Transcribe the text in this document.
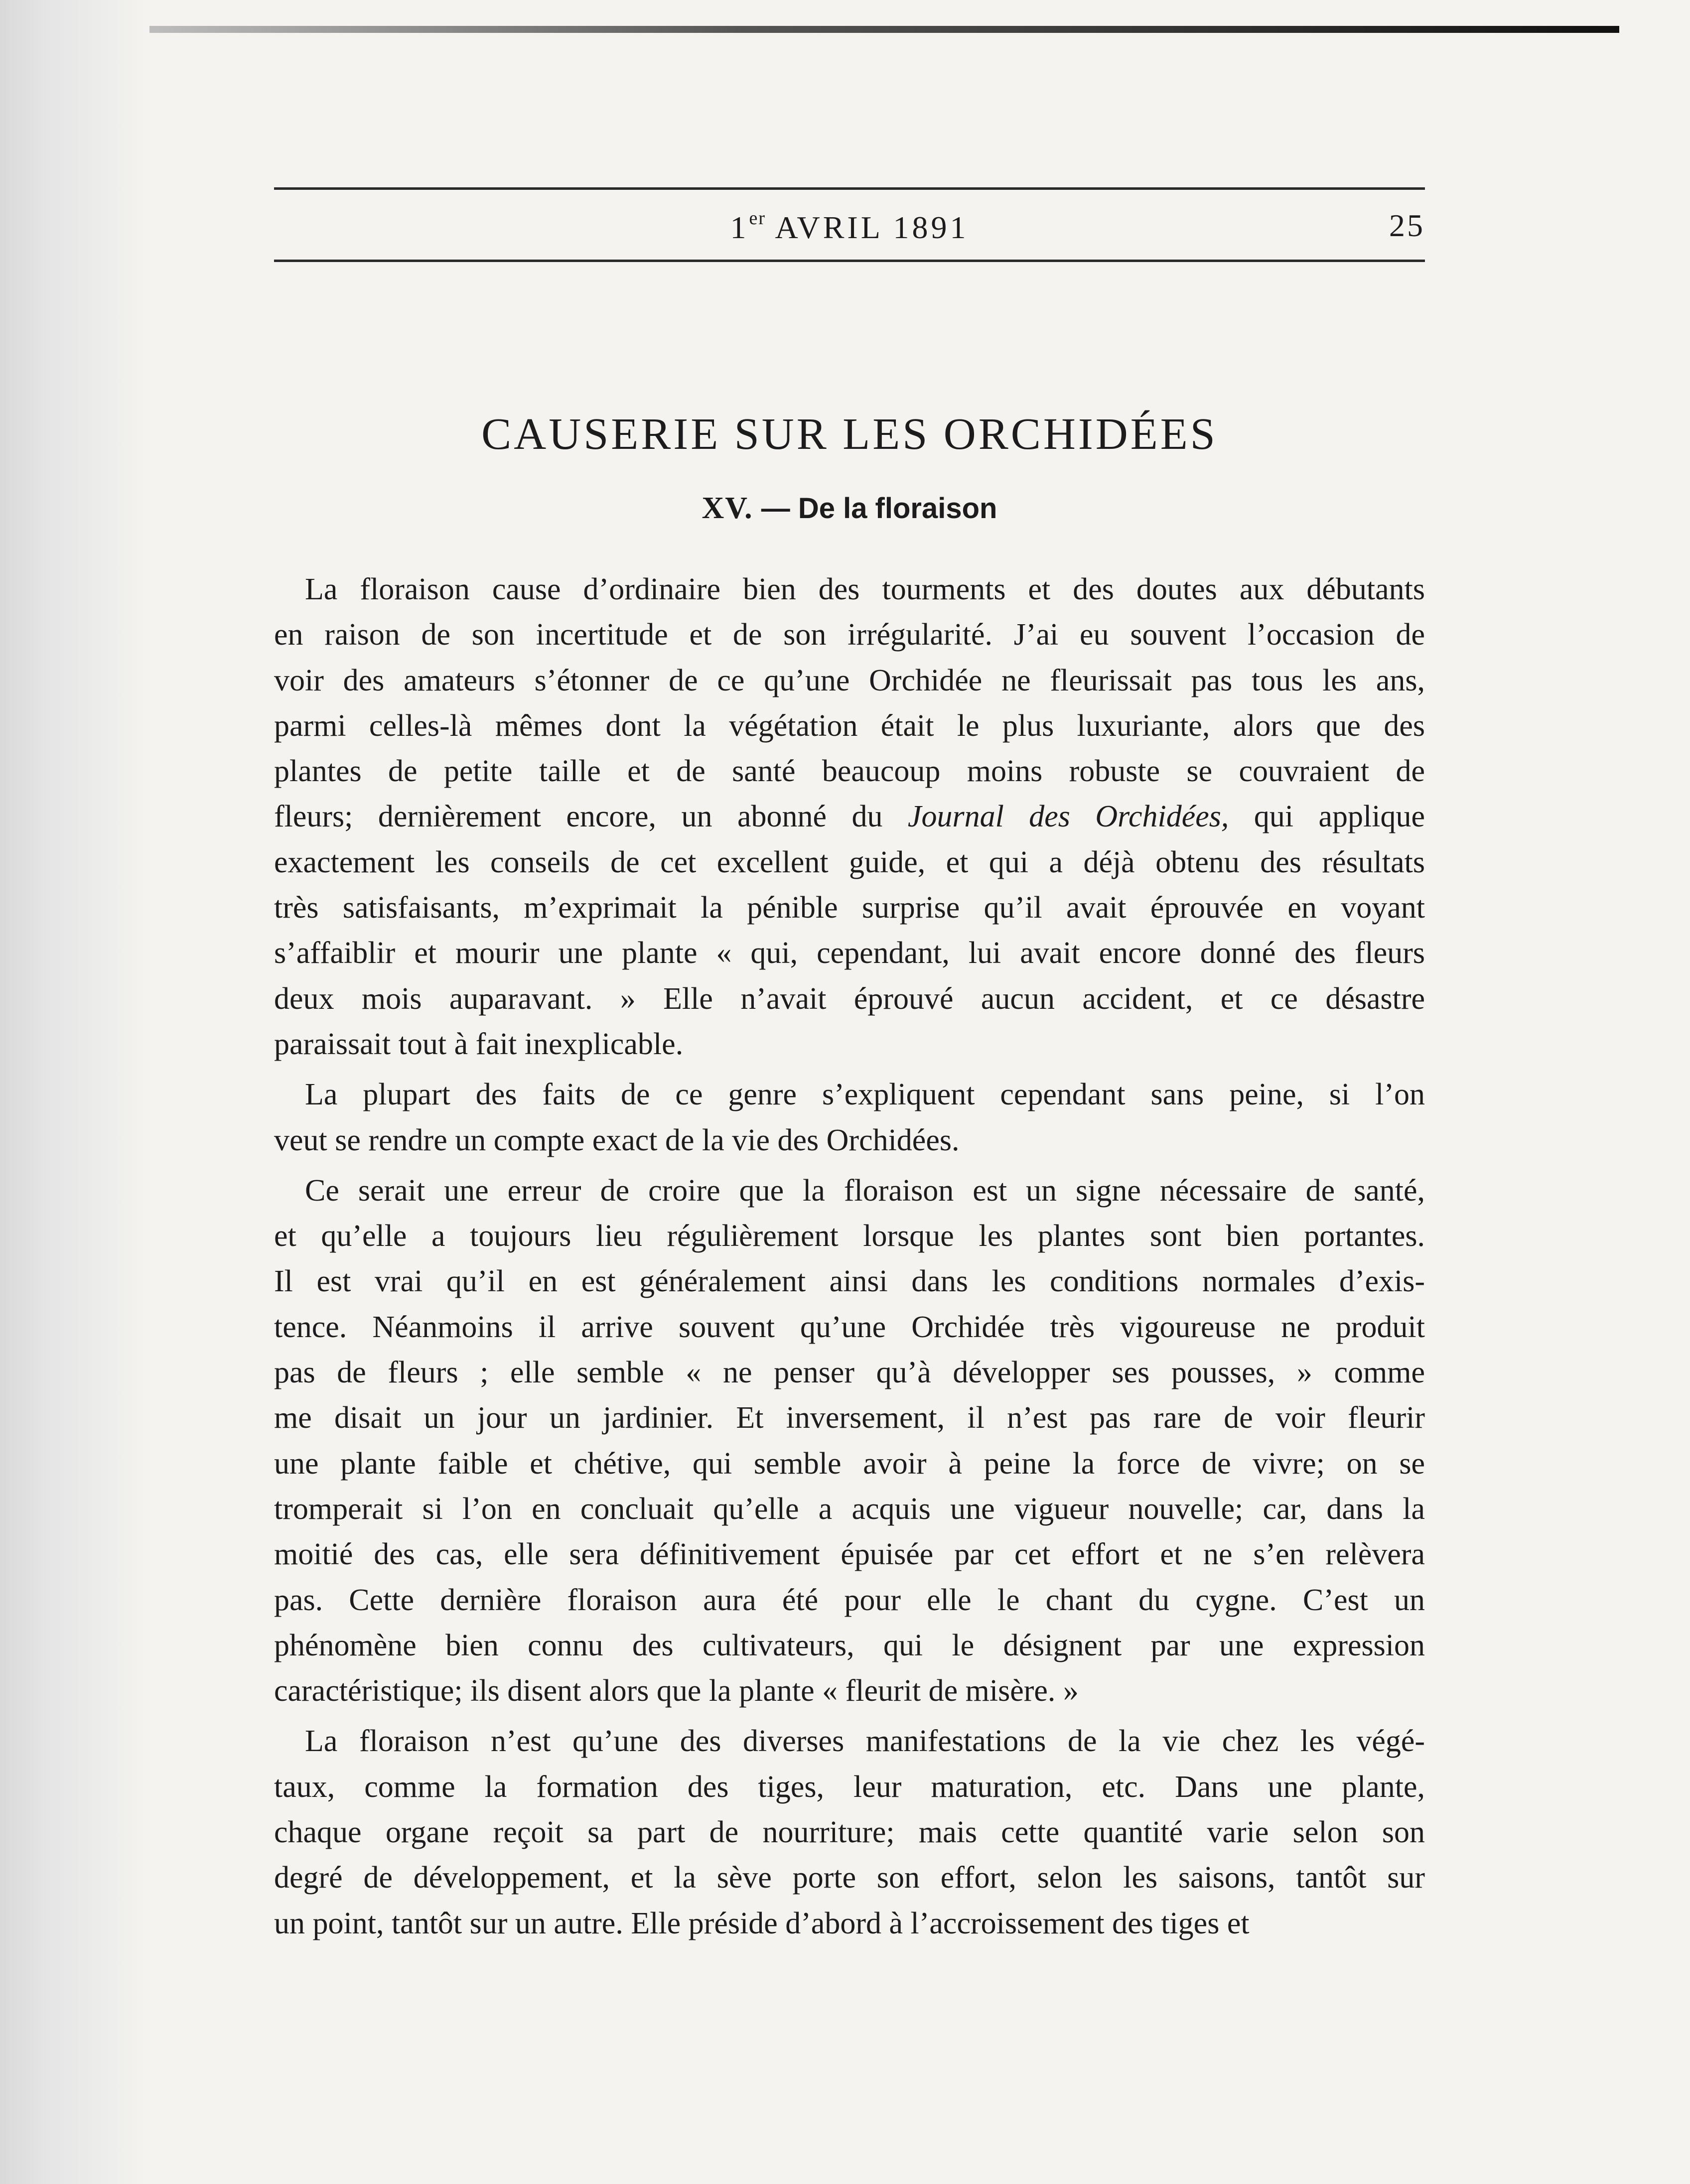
1er AVRIL 1891	25
CAUSERIE SUR LES ORCHIDÉES
XV. — De la floraison

La floraison cause d’ordinaire bien des tourments et des doutes aux débutants
en raison de son incertitude et de son irrégularité. J’ai eu souvent l’occasion de
voir des amateurs s’étonner de ce qu’une Orchidée ne fleurissait pas tous les ans,
parmi celles-là mêmes dont la végétation était le plus luxuriante, alors que des
plantes de petite taille et de santé beaucoup moins robuste se couvraient de
fleurs; dernièrement encore, un abonné du Journal des Orchidées, qui applique
exactement les conseils de cet excellent guide, et qui a déjà obtenu des résultats
très satisfaisants, m’exprimait la pénible surprise qu’il avait éprouvée en voyant
s’affaiblir et mourir une plante « qui, cependant, lui avait encore donné des fleurs
deux mois auparavant. » Elle n’avait éprouvé aucun accident, et ce désastre
paraissait tout à fait inexplicable.

La plupart des faits de ce genre s’expliquent cependant sans peine, si l’on
veut se rendre un compte exact de la vie des Orchidées.

Ce serait une erreur de croire que la floraison est un signe nécessaire de santé,
et qu’elle a toujours lieu régulièrement lorsque les plantes sont bien portantes.
Il est vrai qu’il en est généralement ainsi dans les conditions normales d’exis-
tence. Néanmoins il arrive souvent qu’une Orchidée très vigoureuse ne produit
pas de fleurs ; elle semble « ne penser qu’à développer ses pousses, » comme
me disait un jour un jardinier. Et inversement, il n’est pas rare de voir fleurir
une plante faible et chétive, qui semble avoir à peine la force de vivre; on se
tromperait si l’on en concluait qu’elle a acquis une vigueur nouvelle; car, dans la
moitié des cas, elle sera définitivement épuisée par cet effort et ne s’en relèvera
pas. Cette dernière floraison aura été pour elle le chant du cygne. C’est un
phénomène bien connu des cultivateurs, qui le désignent par une expression
caractéristique; ils disent alors que la plante « fleurit de misère. »

La floraison n’est qu’une des diverses manifestations de la vie chez les végé-
taux, comme la formation des tiges, leur maturation, etc. Dans une plante,
chaque organe reçoit sa part de nourriture; mais cette quantité varie selon son
degré de développement, et la sève porte son effort, selon les saisons, tantôt sur
un point, tantôt sur un autre. Elle préside d’abord à l’accroissement des tiges et
